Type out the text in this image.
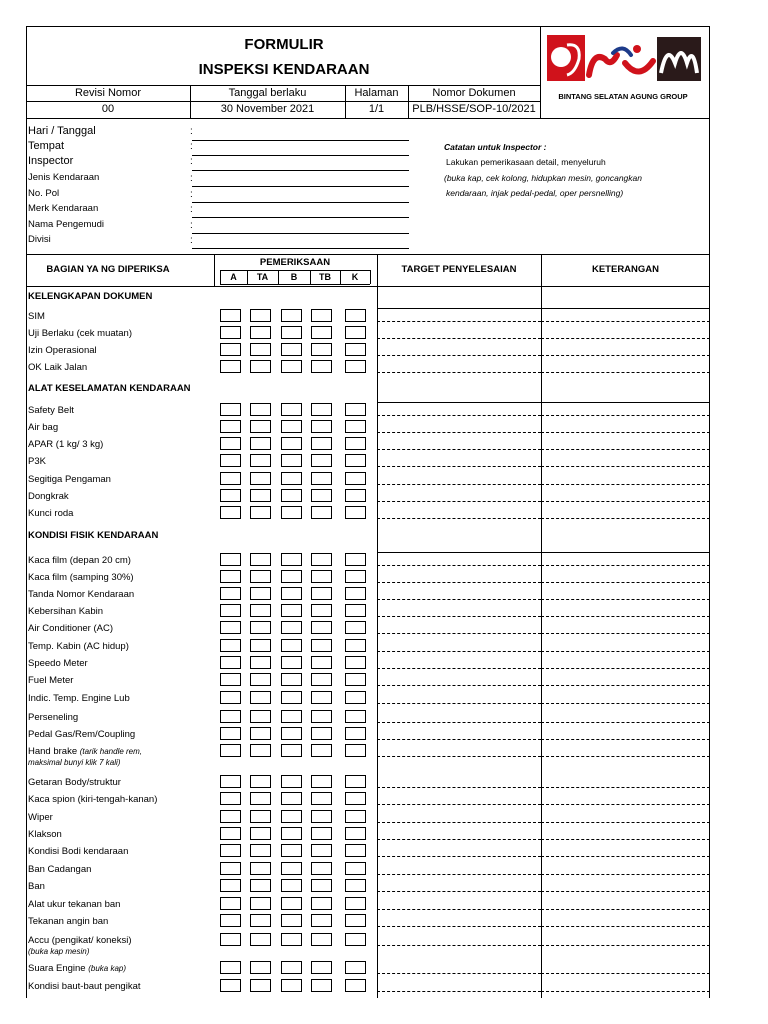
FORMULIR
INSPEKSI KENDARAAN
Revisi Nomor	Tanggal berlaku	Halaman	Nomor Dokumen
00	30 November 2021	1/1	PLB/HSSE/SOP-10/2021
BINTANG SELATAN AGUNG GROUP
Hari / Tanggal	:
Tempat	:
Inspector	:
Jenis Kendaraan	:
No. Pol	:
Merk Kendaraan	:
Nama Pengemudi	:
Divisi	:
Catatan untuk Inspector :
Lakukan pemerikasaan detail, menyeluruh
(buka kap, cek kolong, hidupkan mesin, goncangkan
kendaraan, injak pedal-pedal, oper persnelling)
BAGIAN YA NG DIPERIKSA
PEMERIKSAAN
A	TA	B	TB	K
TARGET PENYELESAIAN	KETERANGAN
KELENGKAPAN DOKUMEN
SIM
Uji Berlaku (cek muatan)
Izin Operasional
OK Laik Jalan
ALAT KESELAMATAN KENDARAAN
Safety Belt
Air bag
APAR (1 kg/ 3 kg)
P3K
Segitiga Pengaman
Dongkrak
Kunci roda
KONDISI FISIK KENDARAAN
Kaca film (depan 20 cm)
Kaca film (samping 30%)
Tanda Nomor Kendaraan
Kebersihan Kabin
Air Conditioner (AC)
Temp. Kabin (AC hidup)
Speedo Meter
Fuel Meter
Indic. Temp. Engine Lub
Perseneling
Pedal Gas/Rem/Coupling
Hand brake (tarik handle rem,
maksimal bunyi klik 7 kali)
Getaran Body/struktur
Kaca spion (kiri-tengah-kanan)
Wiper
Klakson
Kondisi Bodi kendaraan
Ban Cadangan
Ban
Alat ukur tekanan ban
Tekanan angin ban
Accu (pengikat/ koneksi)
(buka kap mesin)
Suara Engine (buka kap)
Kondisi baut-baut pengikat
